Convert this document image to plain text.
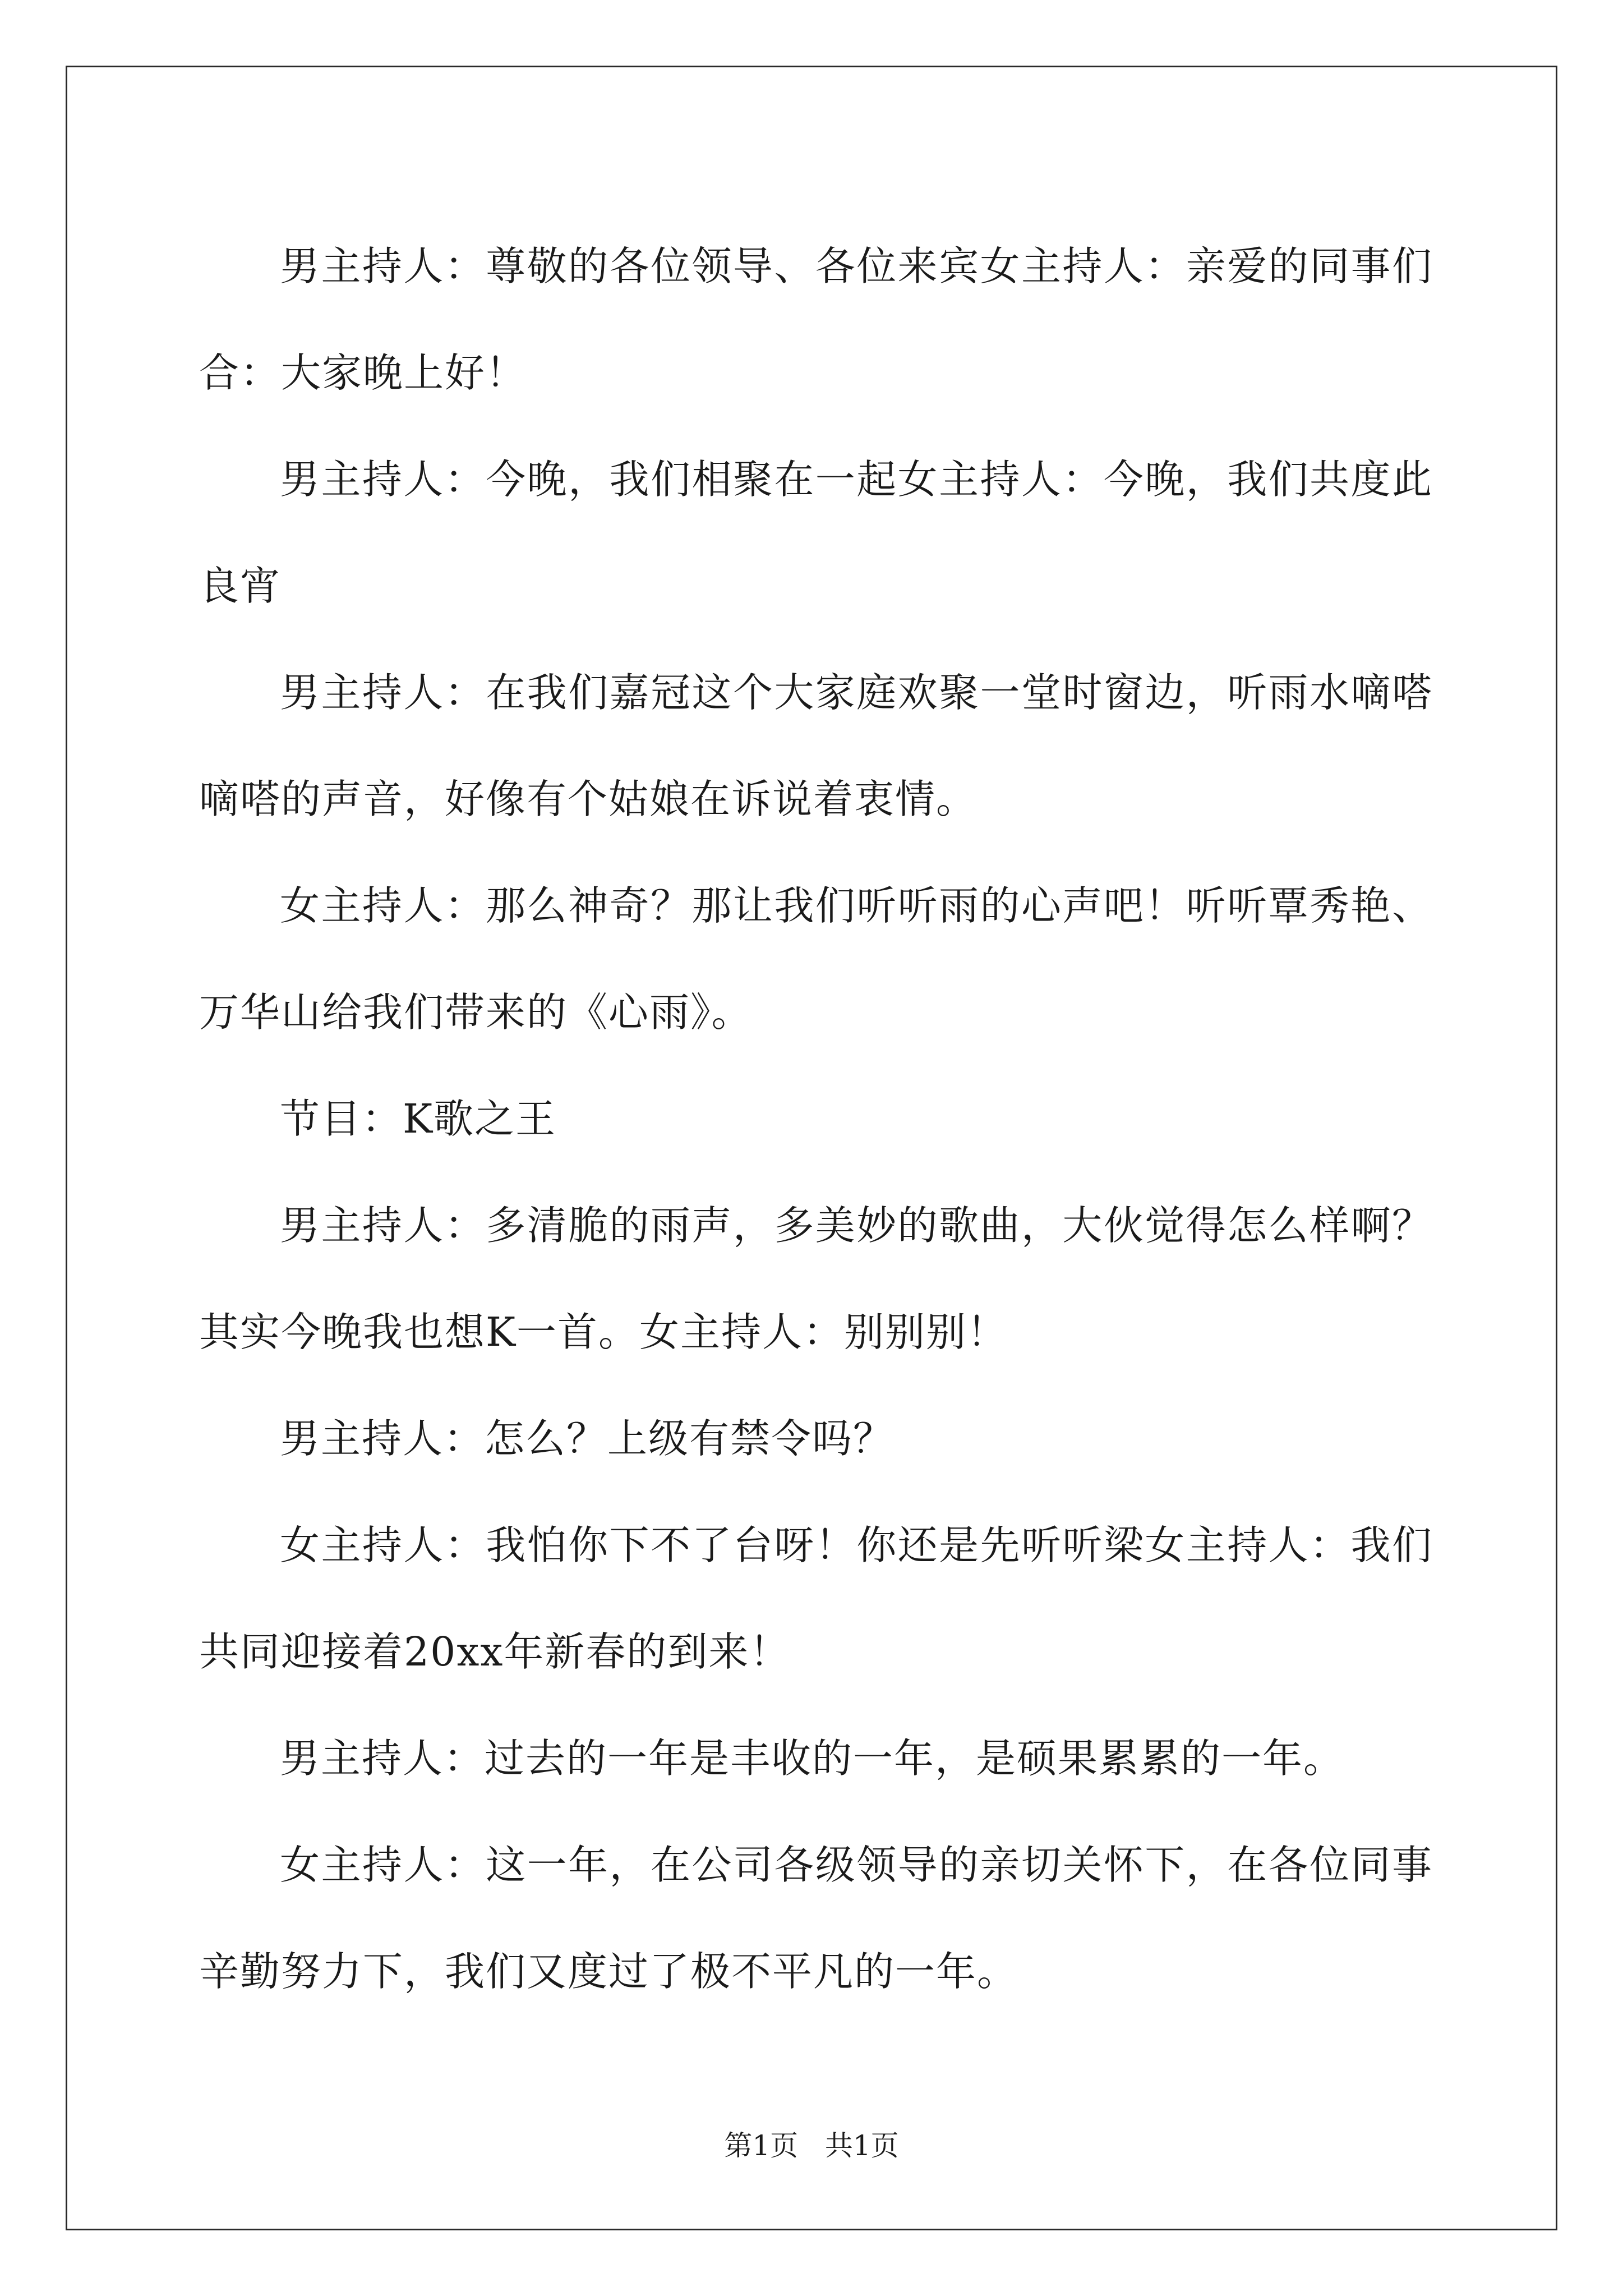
男主持人：尊敬的各位领导、各位来宾女主持人：亲爱的同事们合：大家晚上好！

男主持人：今晚，我们相聚在一起女主持人：今晚，我们共度此良宵

男主持人：在我们嘉冠这个大家庭欢聚一堂时窗边，听雨水嘀嗒嘀嗒的声音，好像有个姑娘在诉说着衷情。

女主持人：那么神奇？那让我们听听雨的心声吧！听听覃秀艳、万华山给我们带来的《心雨》。

节目：K歌之王

男主持人：多清脆的雨声，多美妙的歌曲，大伙觉得怎么样啊？其实今晚我也想K一首。女主持人：别别别！

男主持人：怎么？上级有禁令吗？

女主持人：我怕你下不了台呀！你还是先听听梁女主持人：我们共同迎接着20xx年新春的到来！

男主持人：过去的一年是丰收的一年，是硕果累累的一年。

女主持人：这一年，在公司各级领导的亲切关怀下，在各位同事辛勤努力下，我们又度过了极不平凡的一年。

第1页 共1页
